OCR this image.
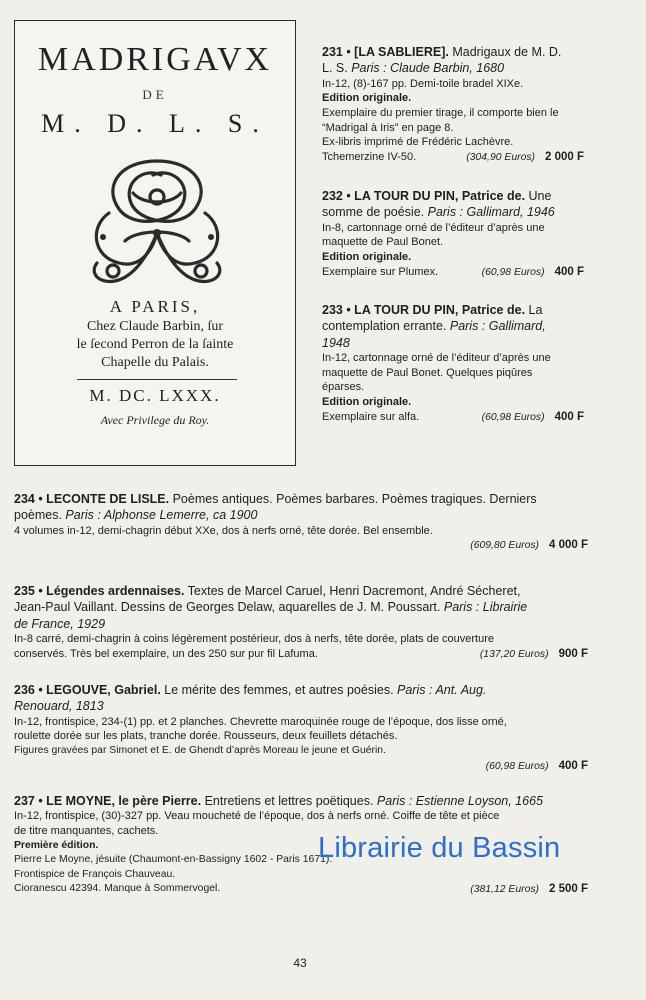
MADRIGAVX
DE
M. D. L. S.
A PARIS,
Chez Claude Barbin, ſur
le ſecond Perron de la ſainte
Chapelle du Palais.
M. DC. LXXX.
Avec Privilege du Roy.
231 • [LA SABLIERE]. Madrigaux de M. D.
L. S. Paris : Claude Barbin, 1680
In-12, (8)-167 pp. Demi-toile bradel XIXe.
Edition originale.
Exemplaire du premier tirage, il comporte bien le
“Madrigal à Iris” en page 8.
Ex-libris imprimé de Frédéric Lachèvre.
Tchemerzine IV-50.	(304,90 Euros) 2 000 F
232 • LA TOUR DU PIN, Patrice de. Une
somme de poésie. Paris : Gallimard, 1946
In-8, cartonnage orné de l’éditeur d’après une
maquette de Paul Bonet.
Edition originale.
Exemplaire sur Plumex.	(60,98 Euros) 400 F
233 • LA TOUR DU PIN, Patrice de. La
contemplation errante. Paris : Gallimard,
1948
In-12, cartonnage orné de l’éditeur d’après une
maquette de Paul Bonet. Quelques piqûres
éparses.
Edition originale.
Exemplaire sur alfa.	(60,98 Euros) 400 F
234 • LECONTE DE LISLE. Poèmes antiques. Poèmes barbares. Poèmes tragiques. Derniers
poèmes. Paris : Alphonse Lemerre, ca 1900
4 volumes in-12, demi-chagrin début XXe, dos à nerfs orné, tête dorée. Bel ensemble.
(609,80 Euros) 4 000 F
235 • Légendes ardennaises. Textes de Marcel Caruel, Henri Dacremont, André Sécheret,
Jean-Paul Vaillant. Dessins de Georges Delaw, aquarelles de J. M. Poussart. Paris : Librairie
de France, 1929
In-8 carré, demi-chagrin à coins légèrement postérieur, dos à nerfs, tête dorée, plats de couverture
conservés. Très bel exemplaire, un des 250 sur pur fil Lafuma.	(137,20 Euros) 900 F
236 • LEGOUVE, Gabriel. Le mérite des femmes, et autres poésies. Paris : Ant. Aug.
Renouard, 1813
In-12, frontispice, 234-(1) pp. et 2 planches. Chevrette maroquinée rouge de l’époque, dos lisse orné,
roulette dorée sur les plats, tranche dorée. Rousseurs, deux feuillets détachés.
Figures gravées par Simonet et E. de Ghendt d’après Moreau le jeune et Guérin.
(60,98 Euros) 400 F
237 • LE MOYNE, le père Pierre. Entretiens et lettres poëtiques. Paris : Estienne Loyson, 1665
In-12, frontispice, (30)-327 pp. Veau moucheté de l’époque, dos à nerfs orné. Coiffe de tête et pièce
de titre manquantes, cachets.
Première édition.
Pierre Le Moyne, jésuite (Chaumont-en-Bassigny 1602 - Paris 1671).
Frontispice de François Chauveau.
Cioranescu 42394. Manque à Sommervogel.	(381,12 Euros) 2 500 F
Librairie du Bassin
43
